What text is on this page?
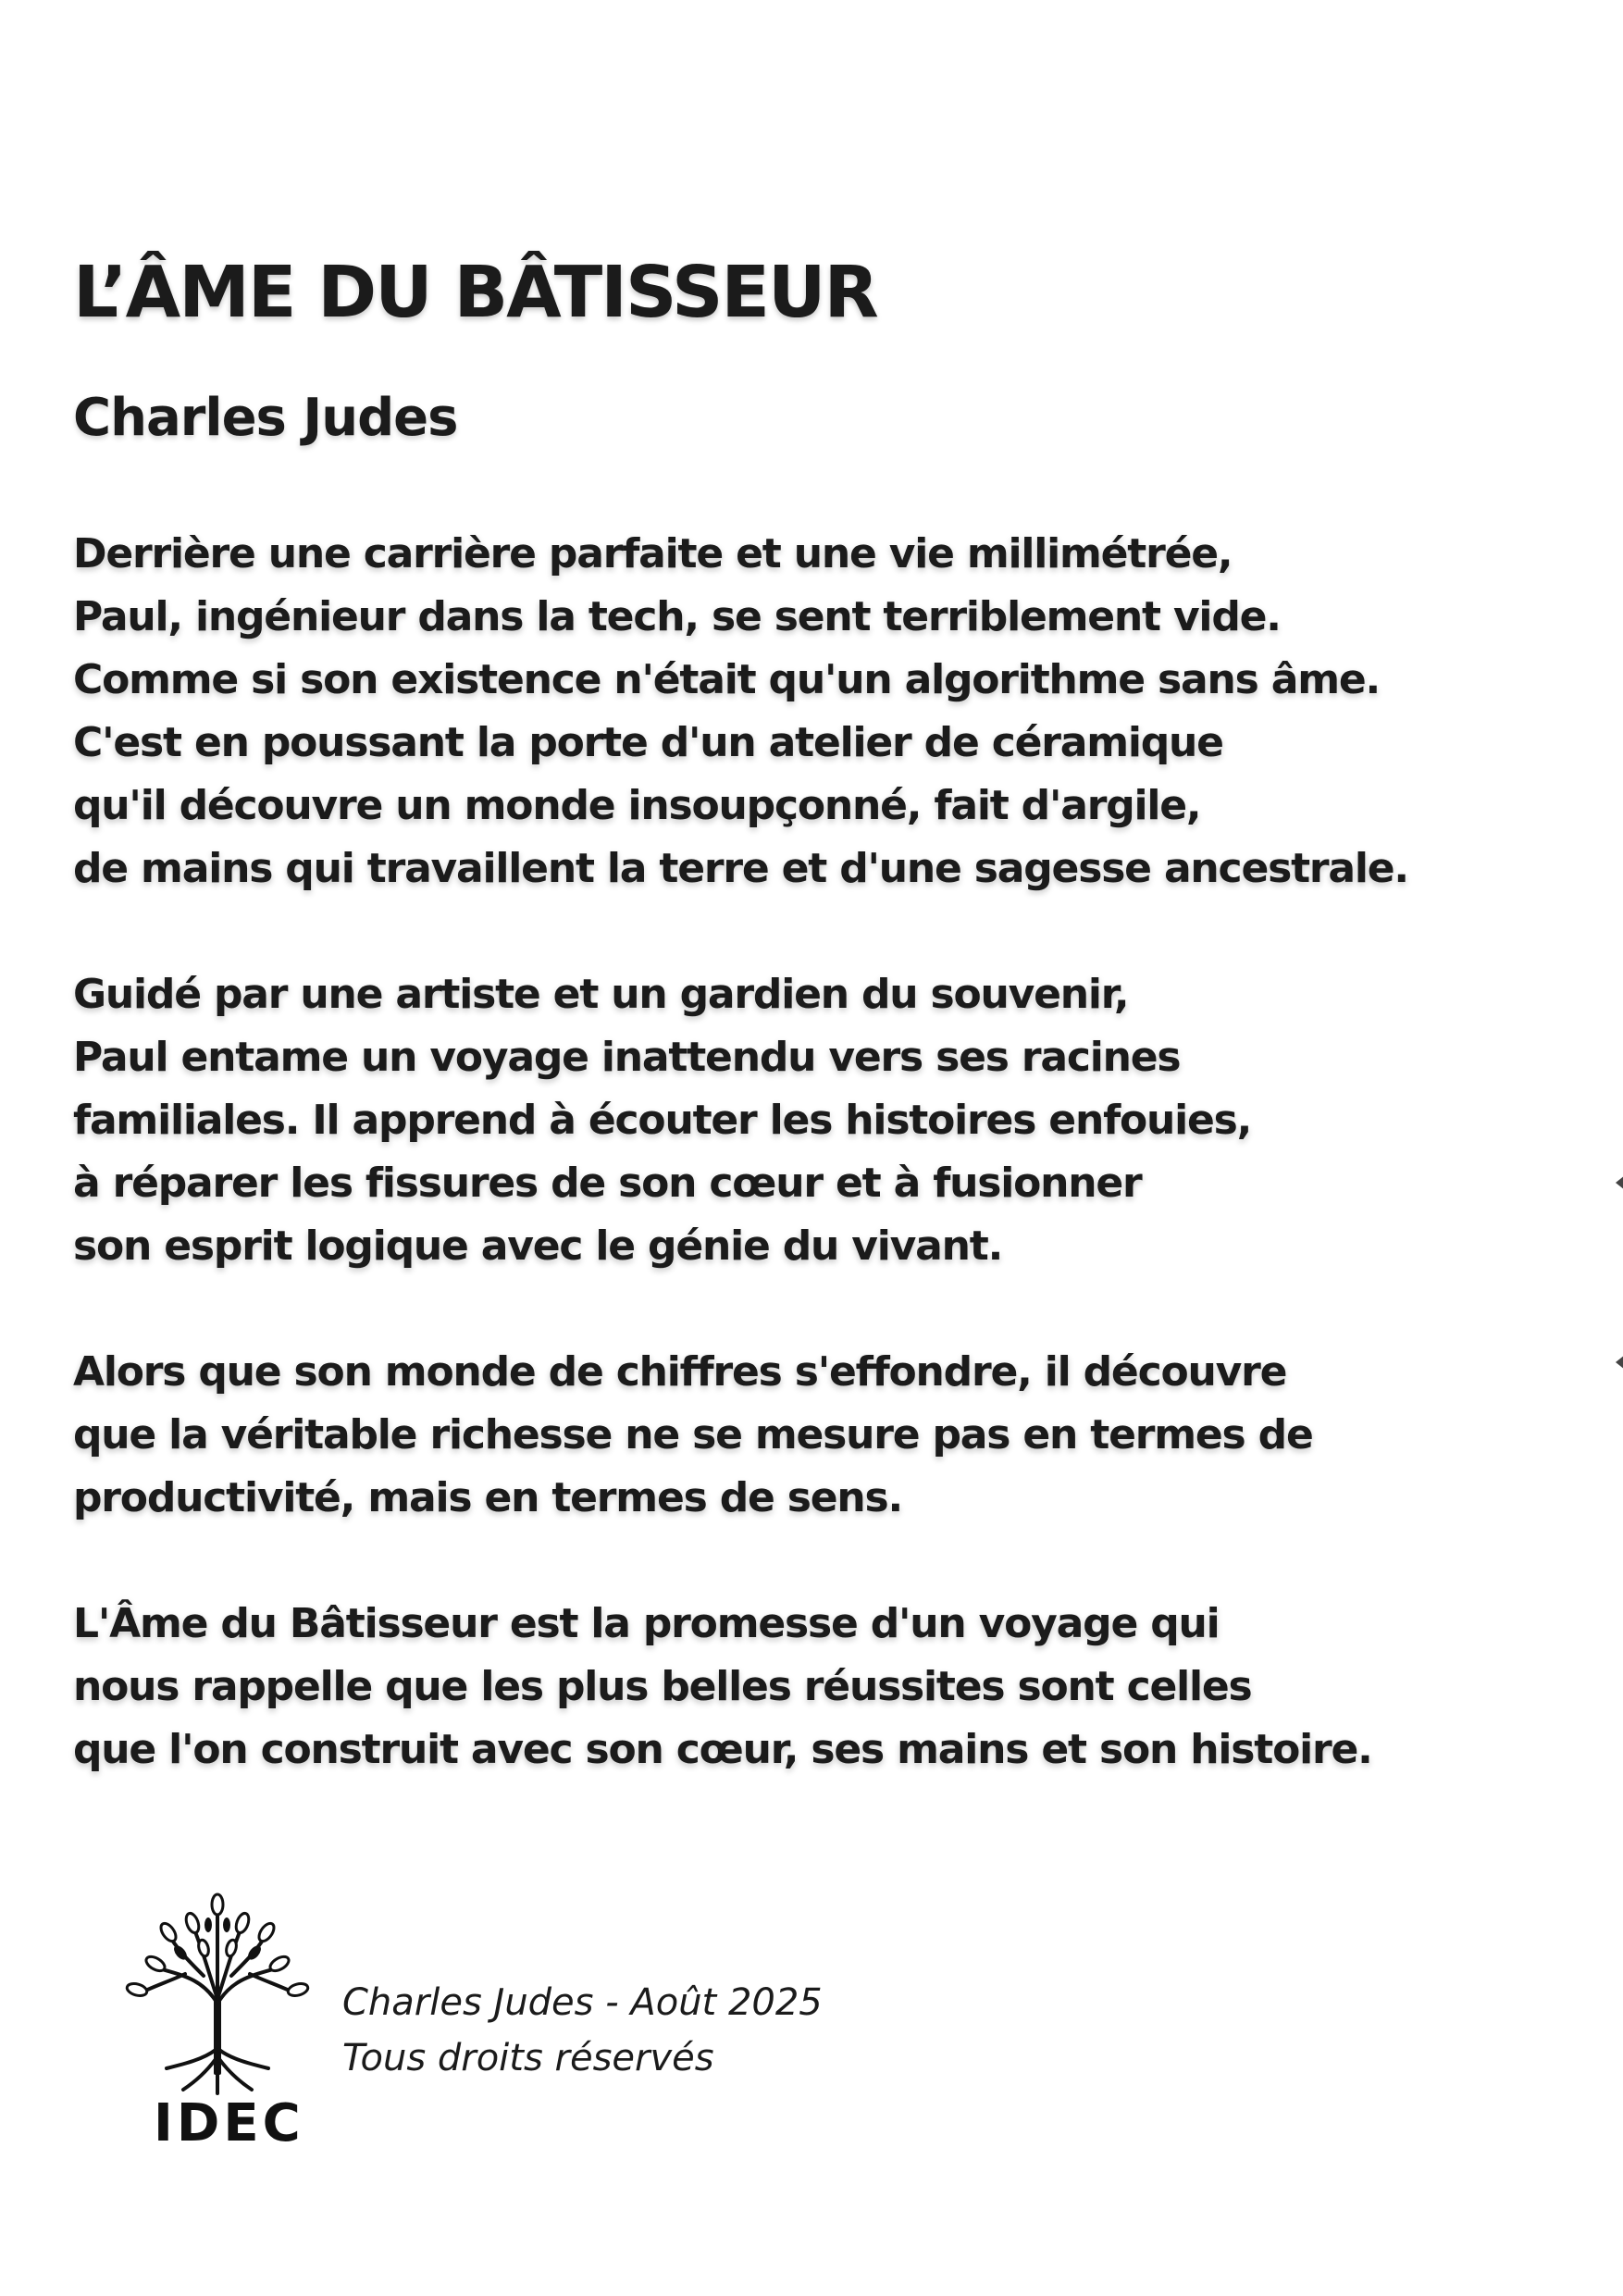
L’ÂME DU BÂTISSEUR
Charles Judes

Derrière une carrière parfaite et une vie millimétrée,
Paul, ingénieur dans la tech, se sent terriblement vide.
Comme si son existence n'était qu'un algorithme sans âme.
C'est en poussant la porte d'un atelier de céramique
qu'il découvre un monde insoupçonné, fait d'argile,
de mains qui travaillent la terre et d'une sagesse ancestrale.

Guidé par une artiste et un gardien du souvenir,
Paul entame un voyage inattendu vers ses racines
familiales. Il apprend à écouter les histoires enfouies,
à réparer les fissures de son cœur et à fusionner
son esprit logique avec le génie du vivant.

Alors que son monde de chiffres s'effondre, il découvre
que la véritable richesse ne se mesure pas en termes de
productivité, mais en termes de sens.

L'Âme du Bâtisseur est la promesse d'un voyage qui
nous rappelle que les plus belles réussites sont celles
que l'on construit avec son cœur, ses mains et son histoire.

IDEC
Charles Judes - Août 2025
Tous droits réservés
